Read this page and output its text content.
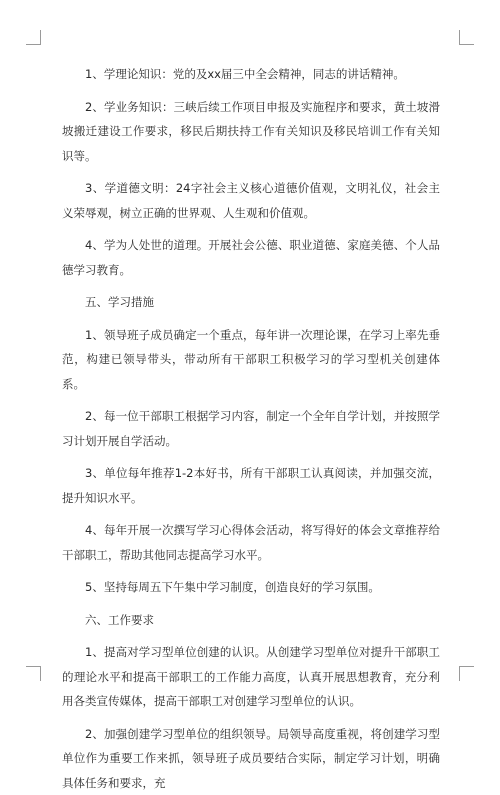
1、学理论知识：党的及xx届三中全会精神，同志的讲话精神。

2、学业务知识：三峡后续工作项目申报及实施程序和要求，黄土坡滑坡搬迁建设工作要求，移民后期扶持工作有关知识及移民培训工作有关知识等。

3、学道德文明：24字社会主义核心道德价值观，文明礼仪，社会主义荣辱观，树立正确的世界观、人生观和价值观。

4、学为人处世的道理。开展社会公德、职业道德、家庭美德、个人品德学习教育。

五、学习措施

1、领导班子成员确定一个重点，每年讲一次理论课，在学习上率先垂范，构建已领导带头，带动所有干部职工积极学习的学习型机关创建体系。

2、每一位干部职工根据学习内容，制定一个全年自学计划，并按照学习计划开展自学活动。

3、单位每年推荐1-2本好书，所有干部职工认真阅读，并加强交流，提升知识水平。

4、每年开展一次撰写学习心得体会活动，将写得好的体会文章推荐给干部职工，帮助其他同志提高学习水平。

5、坚持每周五下午集中学习制度，创造良好的学习氛围。

六、工作要求

1、提高对学习型单位创建的认识。从创建学习型单位对提升干部职工的理论水平和提高干部职工的工作能力高度，认真开展思想教育，充分利用各类宣传媒体，提高干部职工对创建学习型单位的认识。

2、加强创建学习型单位的组织领导。局领导高度重视，将创建学习型单位作为重要工作来抓，领导班子成员要结合实际，制定学习计划，明确具体任务和要求，充
